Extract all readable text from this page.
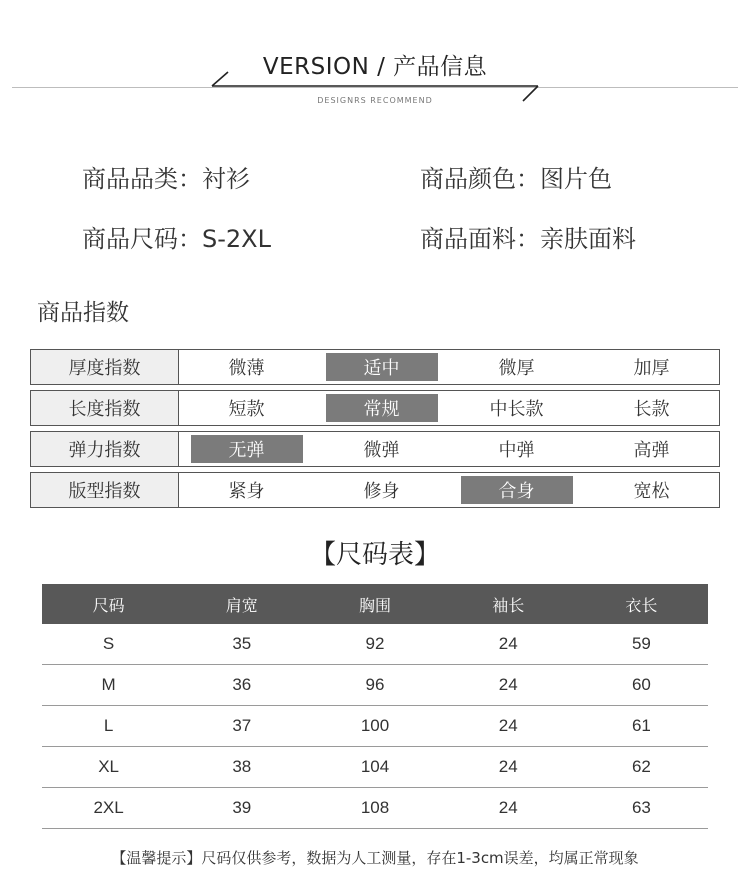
VERSION / 产品信息
DESIGNRS RECOMMEND
商品品类：衬衫	商品颜色：图片色
商品尺码：S-2XL	商品面料：亲肤面料
商品指数
厚度指数	微薄	适中	微厚	加厚
长度指数	短款	常规	中长款	长款
弹力指数	无弹	微弹	中弹	高弹
版型指数	紧身	修身	合身	宽松
【尺码表】
尺码	肩宽	胸围	袖长	衣长
S	35	92	24	59
M	36	96	24	60
L	37	100	24	61
XL	38	104	24	62
2XL	39	108	24	63
【温馨提示】尺码仅供参考，数据为人工测量，存在1-3cm误差，均属正常现象
